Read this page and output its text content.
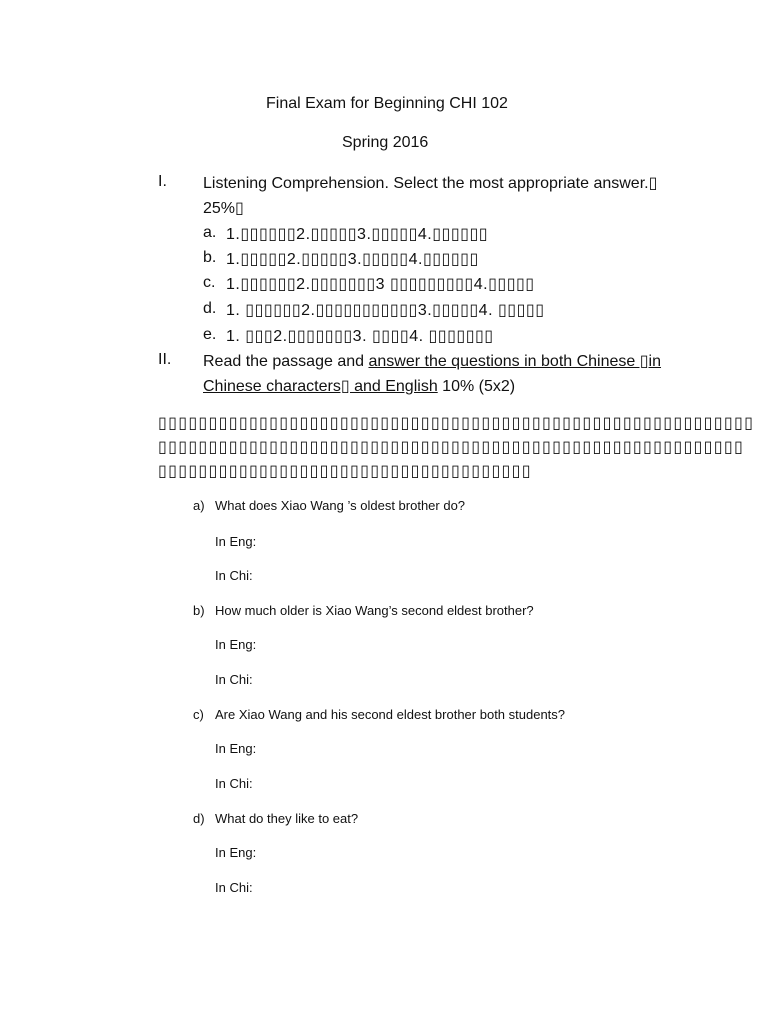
Final Exam for Beginning CHI 102
Spring 2016
I. Listening Comprehension. Select the most appropriate answer.▯
25%▯
a. 1.▯▯▯▯▯▯2.▯▯▯▯▯3.▯▯▯▯▯4.▯▯▯▯▯▯
b. 1.▯▯▯▯▯2.▯▯▯▯▯3.▯▯▯▯▯4.▯▯▯▯▯▯
c. 1.▯▯▯▯▯▯2.▯▯▯▯▯▯▯3 ▯▯▯▯▯▯▯▯▯4.▯▯▯▯▯
d. 1. ▯▯▯▯▯▯2.▯▯▯▯▯▯▯▯▯▯▯3.▯▯▯▯▯4. ▯▯▯▯▯
e. 1. ▯▯▯2.▯▯▯▯▯▯▯3. ▯▯▯▯4. ▯▯▯▯▯▯▯
II. Read the passage and answer the questions in both Chinese ▯in
Chinese characters▯ and English 10% (5x2)
▯▯▯▯▯▯▯▯▯▯▯▯▯▯▯▯▯▯▯▯▯▯▯▯▯▯▯▯▯▯▯▯▯▯▯▯▯▯▯▯▯▯▯▯▯▯▯▯▯▯▯▯▯▯▯▯▯▯▯
▯▯▯▯▯▯▯▯▯▯▯▯▯▯▯▯▯▯▯▯▯▯▯▯▯▯▯▯▯▯▯▯▯▯▯▯▯▯▯▯▯▯▯▯▯▯▯▯▯▯▯▯▯▯▯▯▯▯
▯▯▯▯▯▯▯▯▯▯▯▯▯▯▯▯▯▯▯▯▯▯▯▯▯▯▯▯▯▯▯▯▯▯▯▯▯
a) What does Xiao Wang ’s oldest brother do?
In Eng:
In Chi:
b) How much older is Xiao Wang’s second eldest brother?
In Eng:
In Chi:
c) Are Xiao Wang and his second eldest brother both students?
In Eng:
In Chi:
d) What do they like to eat?
In Eng:
In Chi:
